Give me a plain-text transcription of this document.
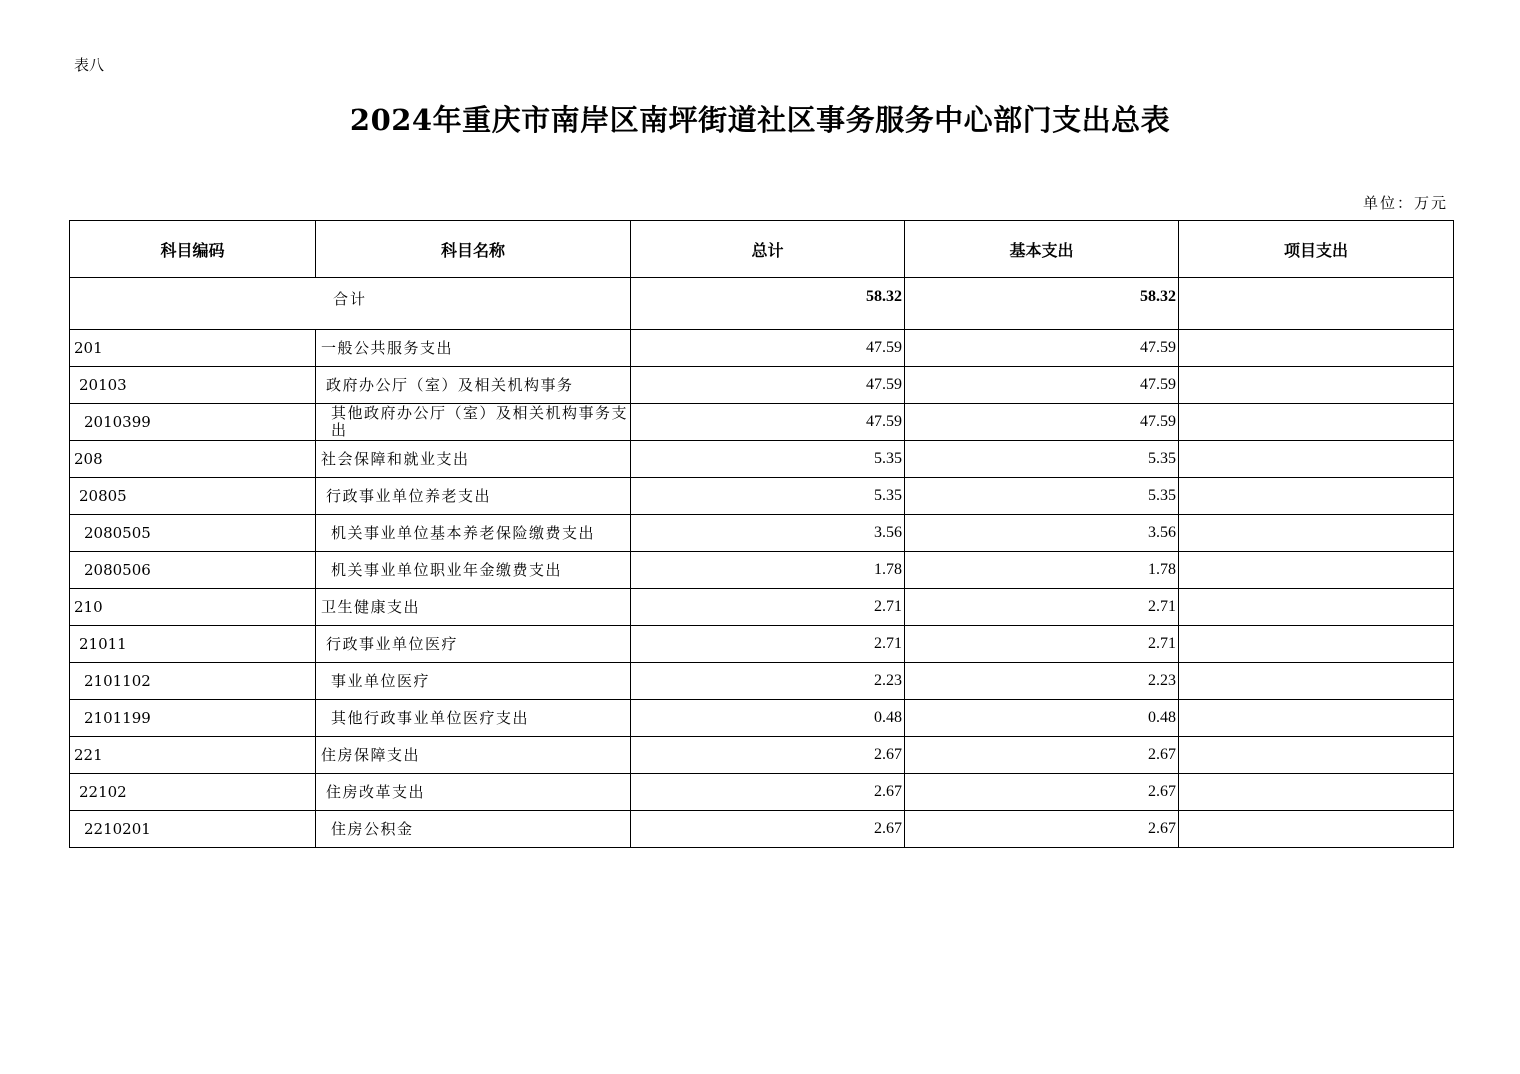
表八
2024年重庆市南岸区南坪街道社区事务服务中心部门支出总表
单位：万元
科目编码	科目名称	总计	基本支出	项目支出
合计		58.32	58.32	
201	一般公共服务支出	47.59	47.59	
20103	政府办公厅（室）及相关机构事务	47.59	47.59	
2010399	其他政府办公厅（室）及相关机构事务支出	47.59	47.59	
208	社会保障和就业支出	5.35	5.35	
20805	行政事业单位养老支出	5.35	5.35	
2080505	机关事业单位基本养老保险缴费支出	3.56	3.56	
2080506	机关事业单位职业年金缴费支出	1.78	1.78	
210	卫生健康支出	2.71	2.71	
21011	行政事业单位医疗	2.71	2.71	
2101102	事业单位医疗	2.23	2.23	
2101199	其他行政事业单位医疗支出	0.48	0.48	
221	住房保障支出	2.67	2.67	
22102	住房改革支出	2.67	2.67	
2210201	住房公积金	2.67	2.67	
